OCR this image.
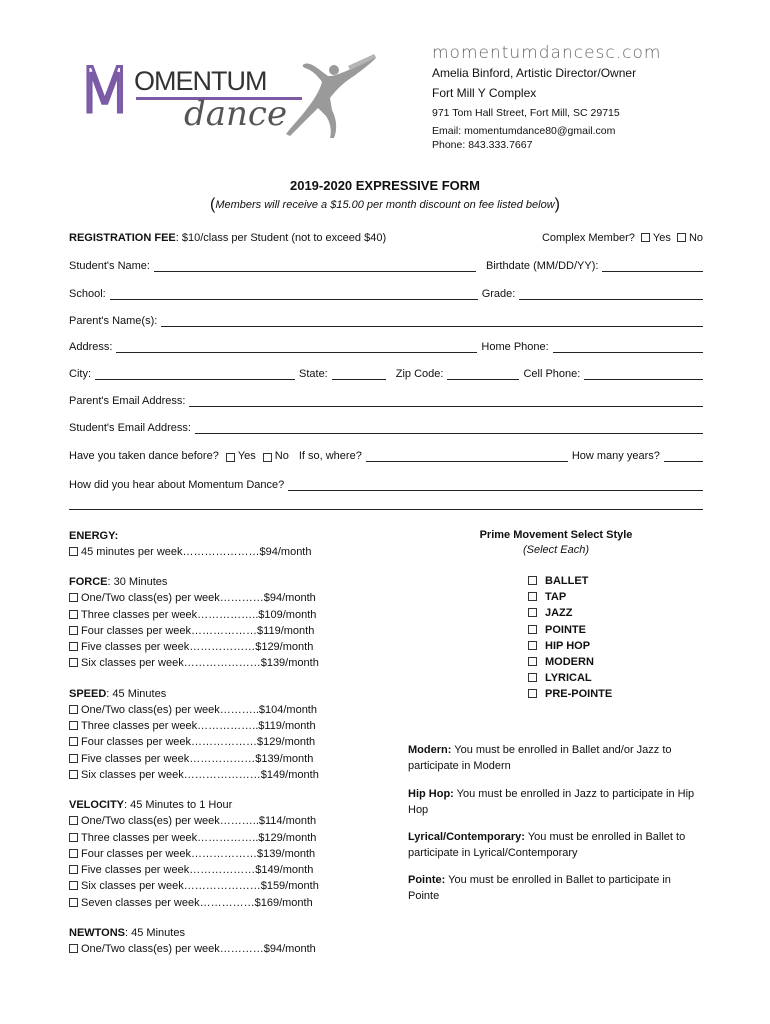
M OMENTUM
dance
momentumdancesc.com
Amelia Binford, Artistic Director/Owner
Fort Mill Y Complex
971 Tom Hall Street, Fort Mill, SC 29715
Email: momentumdance80@gmail.com
Phone: 843.333.7667
2019-2020 EXPRESSIVE FORM
(Members will receive a $15.00 per month discount on fee listed below)
REGISTRATION FEE: $10/class per Student (not to exceed $40)	Complex Member? Yes No
Student's Name:	Birthdate (MM/DD/YY):
School:	Grade:
Parent's Name(s):
Address:	Home Phone:
City:	State:	Zip Code:	Cell Phone:
Parent's Email Address:
Student's Email Address:
Have you taken dance before?	Yes	No If so, where?	How many years?
How did you hear about Momentum Dance?
ENERGY:
45 minutes per week…………………$94/month
FORCE: 30 Minutes
One/Two class(es) per week…………$94/month
Three classes per week……………..$109/month
Four classes per week………………$119/month
Five classes per week………………$129/month
Six classes per week…………………$139/month
SPEED: 45 Minutes
One/Two class(es) per week………..$104/month
Three classes per week……………..$119/month
Four classes per week………………$129/month
Five classes per week………………$139/month
Six classes per week…………………$149/month
VELOCITY: 45 Minutes to 1 Hour
One/Two class(es) per week………..$114/month
Three classes per week……………..$129/month
Four classes per week………………$139/month
Five classes per week………………$149/month
Six classes per week…………………$159/month
Seven classes per week……………$169/month
NEWTONS: 45 Minutes
One/Two class(es) per week…………$94/month
Prime Movement Select Style
(Select Each)
BALLET
TAP
JAZZ
POINTE
HIP HOP
MODERN
LYRICAL
PRE-POINTE
Modern: You must be enrolled in Ballet and/or Jazz to participate in Modern
Hip Hop: You must be enrolled in Jazz to participate in Hip Hop
Lyrical/Contemporary: You must be enrolled in Ballet to participate in Lyrical/Contemporary
Pointe: You must be enrolled in Ballet to participate in Pointe
